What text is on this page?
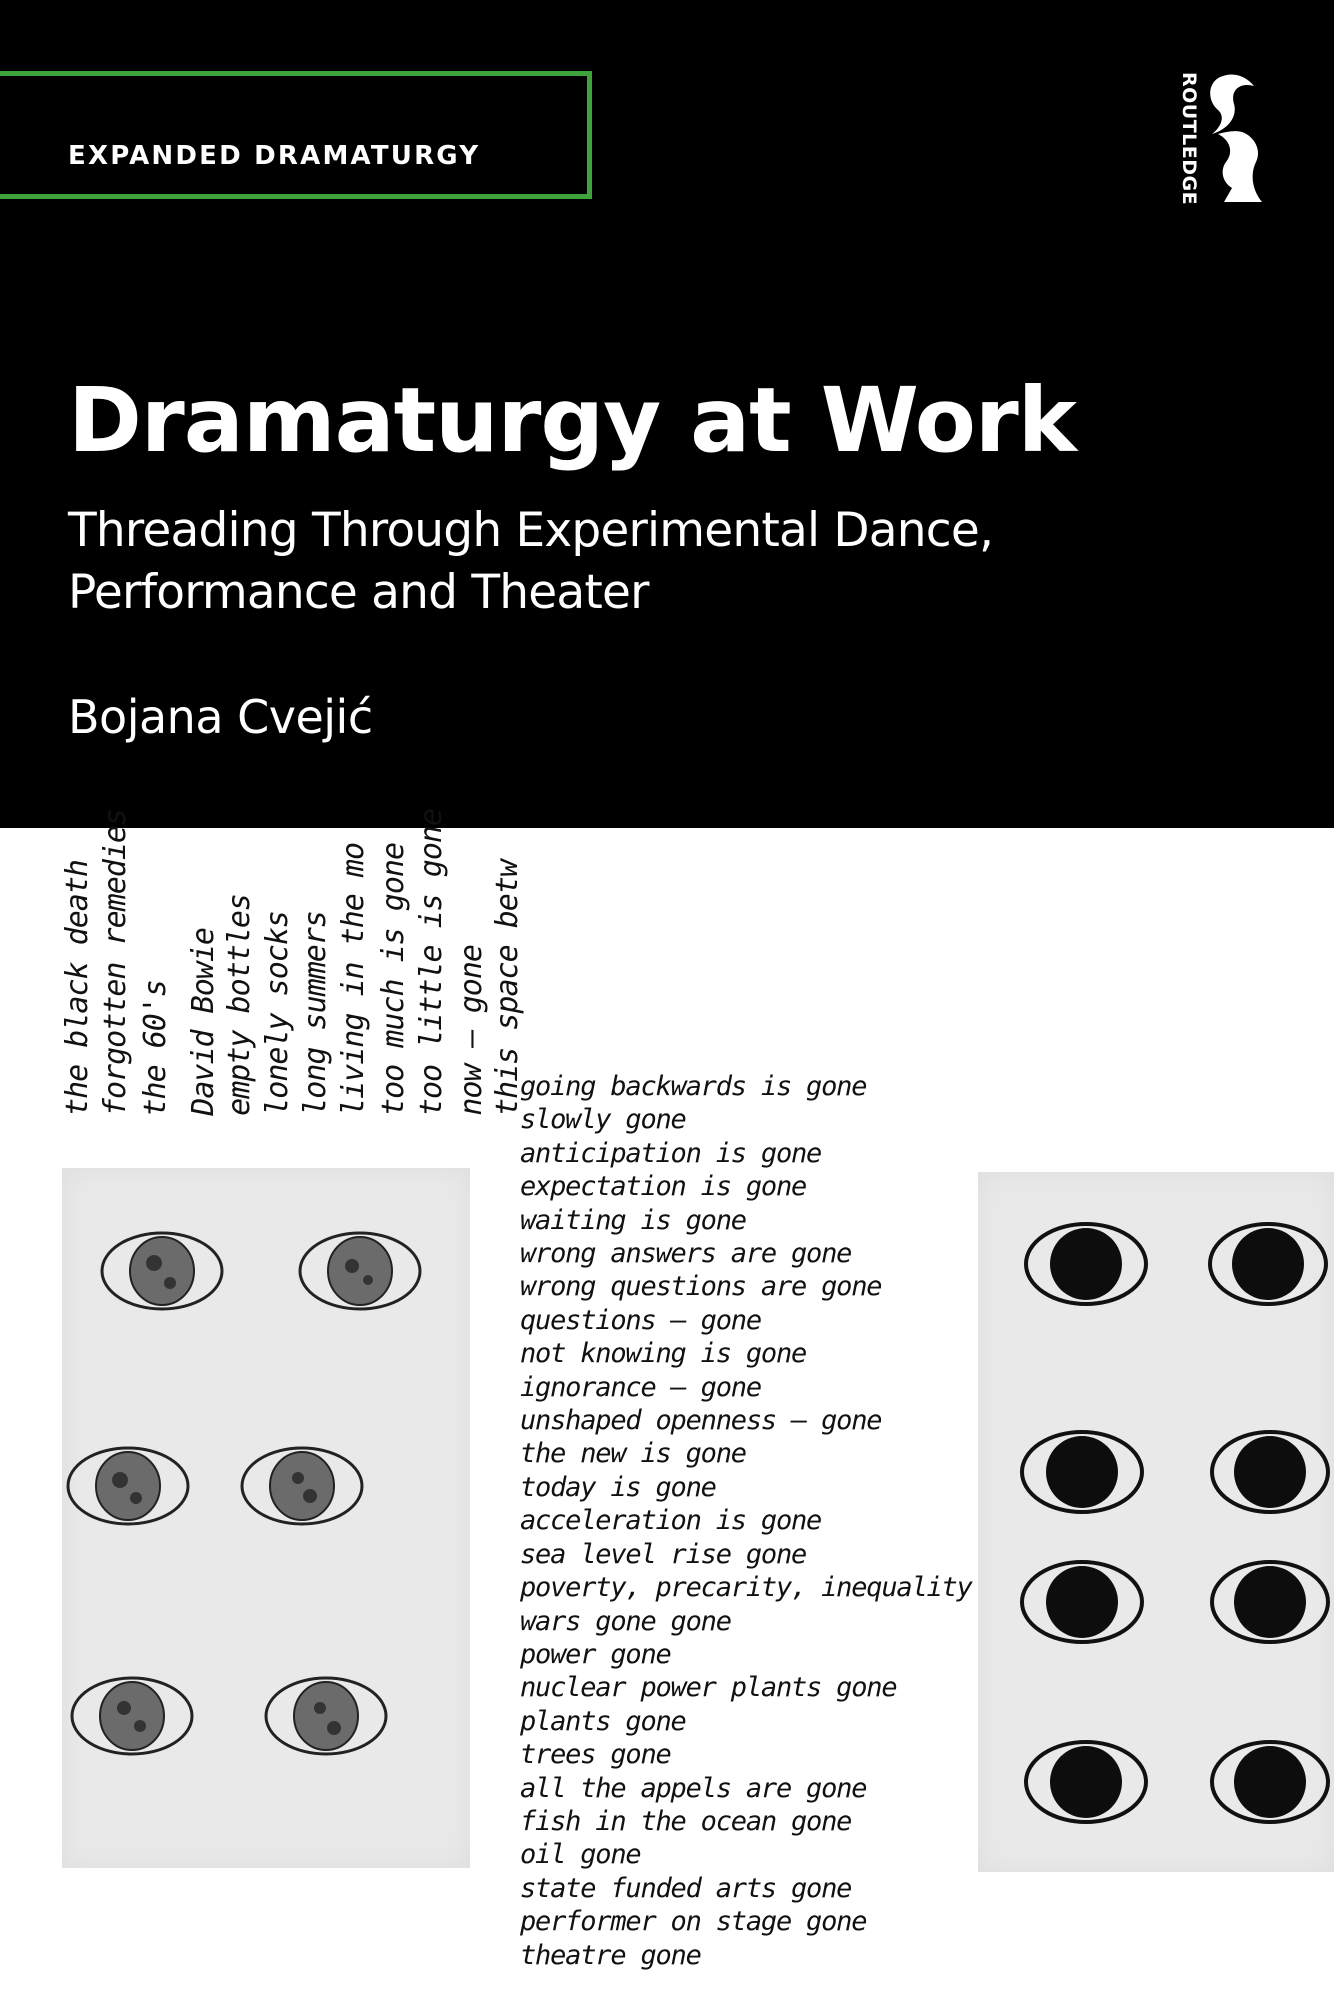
EXPANDED DRAMATURGY	ROUTLEDGE
Dramaturgy at Work
Threading Through Experimental Dance, Performance and Theater
Bojana Cvejić
the black death forgotten remedies the 60's David Bowie empty bottles lonely socks long summers living in the mo too much is gone too little is gone now – gone this space betw
going backwards is gone
slowly gone
anticipation is gone
expectation is gone
waiting is gone
wrong answers are gone
wrong questions are gone
questions – gone
not knowing is gone
ignorance – gone
unshaped openness – gone
the new is gone
today is gone
acceleration is gone
sea level rise gone
poverty, precarity, inequality
wars gone gone
power gone
nuclear power plants gone
plants gone
trees gone
all the appels are gone
fish in the ocean gone
oil gone
state funded arts gone
performer on stage gone
theatre gone
